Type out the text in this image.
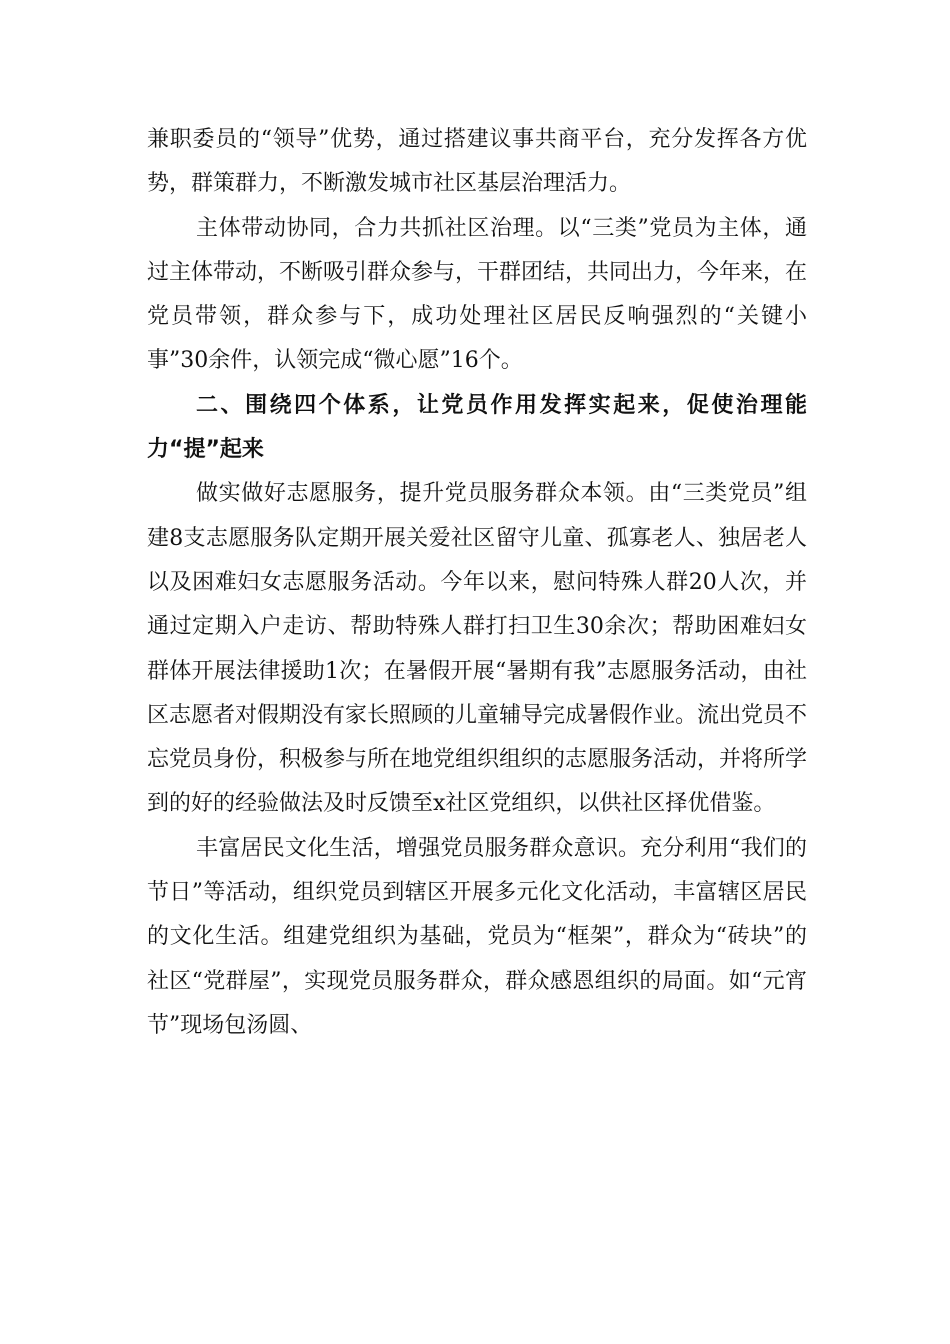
兼职委员的“领导”优势，通过搭建议事共商平台，充分发挥各方优势，群策群力，不断激发城市社区基层治理活力。

主体带动协同，合力共抓社区治理。以“三类”党员为主体，通过主体带动，不断吸引群众参与，干群团结，共同出力，今年来，在党员带领，群众参与下，成功处理社区居民反响强烈的“关键小事”30余件，认领完成“微心愿”16个。

二、围绕四个体系，让党员作用发挥实起来，促使治理能力“提”起来

做实做好志愿服务，提升党员服务群众本领。由“三类党员”组建8支志愿服务队定期开展关爱社区留守儿童、孤寡老人、独居老人以及困难妇女志愿服务活动。今年以来，慰问特殊人群20人次，并通过定期入户走访、帮助特殊人群打扫卫生30余次；帮助困难妇女群体开展法律援助1次；在暑假开展“暑期有我”志愿服务活动，由社区志愿者对假期没有家长照顾的儿童辅导完成暑假作业。流出党员不忘党员身份，积极参与所在地党组织组织的志愿服务活动，并将所学到的好的经验做法及时反馈至x社区党组织，以供社区择优借鉴。

丰富居民文化生活，增强党员服务群众意识。充分利用“我们的节日”等活动，组织党员到辖区开展多元化文化活动，丰富辖区居民的文化生活。组建党组织为基础，党员为“框架”，群众为“砖块”的社区“党群屋”，实现党员服务群众，群众感恩组织的局面。如“元宵节”现场包汤圆、
